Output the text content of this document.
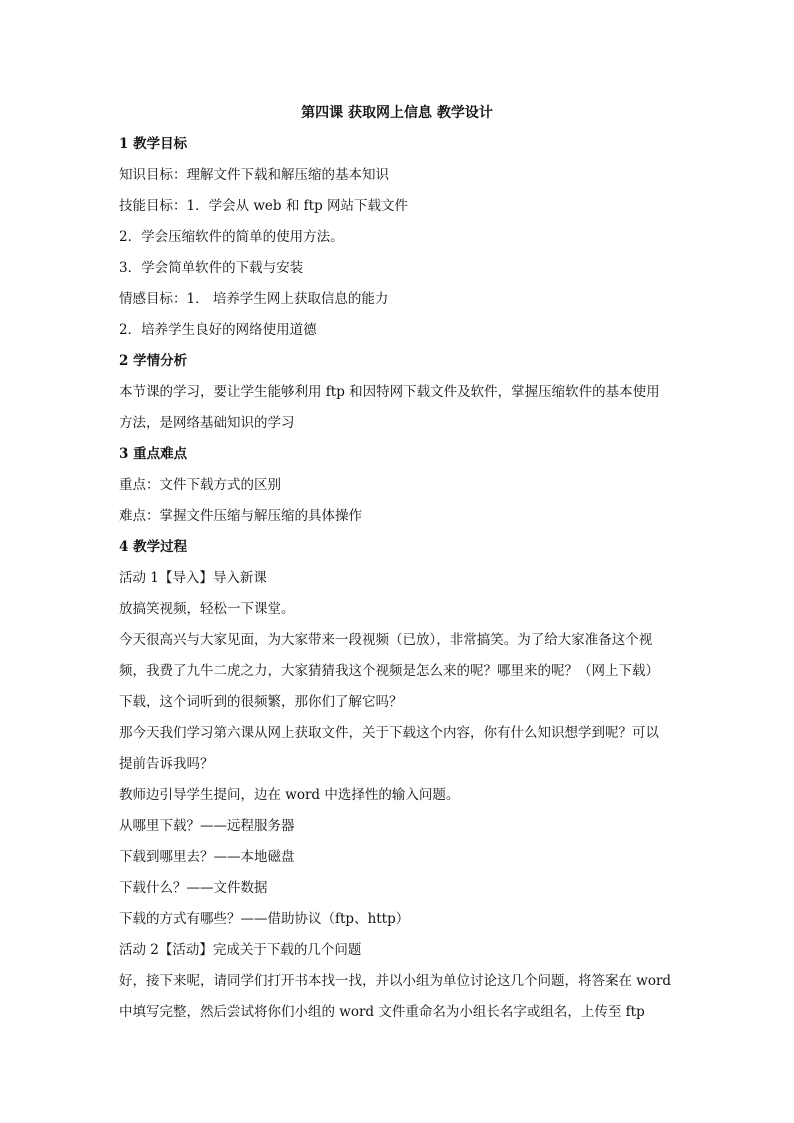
第四课 获取网上信息 教学设计
1 教学目标
知识目标：理解文件下载和解压缩的基本知识
技能目标：1．学会从 web 和 ftp 网站下载文件
2．学会压缩软件的简单的使用方法。
3．学会简单软件的下载与安装
情感目标：1． 培养学生网上获取信息的能力
2．培养学生良好的网络使用道德
2 学情分析
本节课的学习，要让学生能够利用 ftp 和因特网下载文件及软件，掌握压缩软件的基本使用
方法，是网络基础知识的学习
3 重点难点
重点：文件下载方式的区别
难点：掌握文件压缩与解压缩的具体操作
4 教学过程
活动 1【导入】导入新课
放搞笑视频，轻松一下课堂。
今天很高兴与大家见面，为大家带来一段视频（已放），非常搞笑。为了给大家准备这个视
频，我费了九牛二虎之力，大家猜猜我这个视频是怎么来的呢？哪里来的呢？（网上下载）
下载，这个词听到的很频繁，那你们了解它吗？
那今天我们学习第六课从网上获取文件，关于下载这个内容，你有什么知识想学到呢？可以
提前告诉我吗？
教师边引导学生提问，边在 word 中选择性的输入问题。
从哪里下载？——远程服务器
下载到哪里去？——本地磁盘
下载什么？——文件数据
下载的方式有哪些？——借助协议（ftp、http）
活动 2【活动】完成关于下载的几个问题
好，接下来呢，请同学们打开书本找一找，并以小组为单位讨论这几个问题，将答案在 word
中填写完整，然后尝试将你们小组的 word 文件重命名为小组长名字或组名，上传至 ftp
